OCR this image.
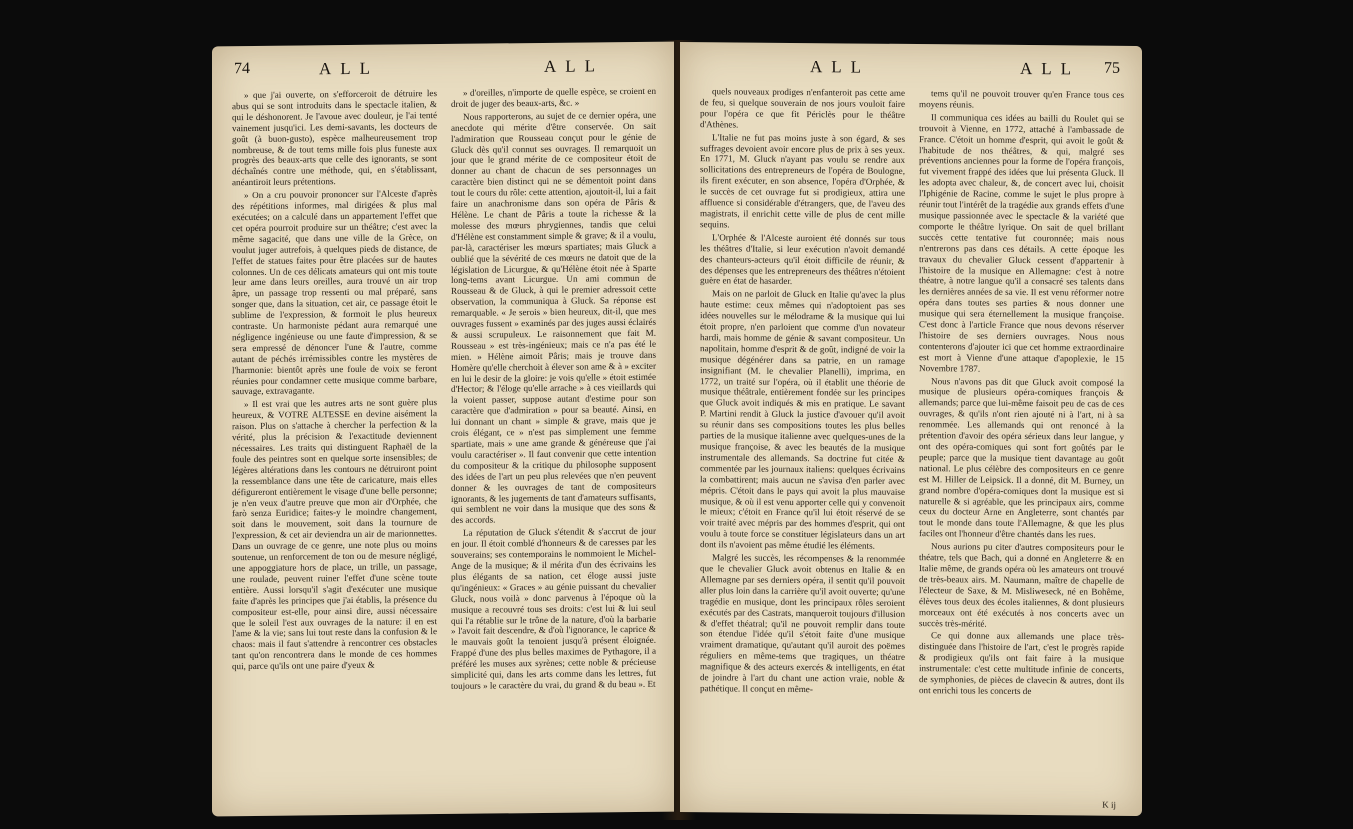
74	ALL	ALL

» que j'ai ouverte, on s'efforceroit de détruire les abus qui se sont introduits dans le spectacle italien, & qui le déshonorent. Je l'avoue avec douleur, je l'ai tenté vainement jusqu'ici. Les demi-savants, les docteurs de goût (à buon-gusto), espèce malheureusement trop nombreuse, & de tout tems mille fois plus funeste aux progrès des beaux-arts que celle des ignorants, se sont déchaînés contre une méthode, qui, en s'établissant, anéantiroit leurs prétentions.

» On a cru pouvoir prononcer sur l'Alceste d'après des répétitions informes, mal dirigées & plus mal exécutées; on a calculé dans un appartement l'effet que cet opéra pourroit produire sur un théâtre; c'est avec la même sagacité, que dans une ville de la Grèce, on voulut juger autrefois, à quelques pieds de distance, de l'effet de statues faites pour être placées sur de hautes colonnes. Un de ces délicats amateurs qui ont mis toute leur ame dans leurs oreilles, aura trouvé un air trop âpre, un passage trop ressenti ou mal préparé, sans songer que, dans la situation, cet air, ce passage étoit le sublime de l'expression, & formoit le plus heureux contraste. Un harmoniste pédant aura remarqué une négligence ingénieuse ou une faute d'impression, & se sera empressé de dénoncer l'une & l'autre, comme autant de péchés irrémissibles contre les mystères de l'harmonie: bientôt après une foule de voix se feront réunies pour condamner cette musique comme barbare, sauvage, extravagante.

» Il est vrai que les autres arts ne sont guère plus heureux, & VOTRE ALTESSE en devine aisément la raison. Plus on s'attache à chercher la perfection & la vérité, plus la précision & l'exactitude deviennent nécessaires. Les traits qui distinguent Raphaël de la foule des peintres sont en quelque sorte insensibles; de légères altérations dans les contours ne détruiront point la ressemblance dans une tête de caricature, mais elles défigureront entièrement le visage d'une belle personne; je n'en veux d'autre preuve que mon air d'Orphée, che farò senza Euridice; faites-y le moindre changement, soit dans le mouvement, soit dans la tournure de l'expression, & cet air deviendra un air de marionnettes. Dans un ouvrage de ce genre, une note plus ou moins soutenue, un renforcement de ton ou de mesure négligé, une appoggiature hors de place, un trille, un passage, une roulade, peuvent ruiner l'effet d'une scène toute entière. Aussi lorsqu'il s'agit d'exécuter une musique faite d'après les principes que j'ai établis, la présence du compositeur est-elle, pour ainsi dire, aussi nécessaire que le soleil l'est aux ouvrages de la nature: il en est l'ame & la vie; sans lui tout reste dans la confusion & le chaos: mais il faut s'attendre à rencontrer ces obstacles tant qu'on rencontrera dans le monde de ces hommes qui, parce qu'ils ont une paire d'yeux &

» d'oreilles, n'importe de quelle espèce, se croient en droit de juger des beaux-arts, &c. »

Nous rapporterons, au sujet de ce dernier opéra, une anecdote qui mérite d'être conservée. On sait l'admiration que Rousseau conçut pour le génie de Gluck dès qu'il connut ses ouvrages. Il remarquoit un jour que le grand mérite de ce compositeur étoit de donner au chant de chacun de ses personnages un caractère bien distinct qui ne se démentoit point dans tout le cours du rôle: cette attention, ajoutoit-il, lui a fait faire un anachronisme dans son opéra de Pâris & Hélène. Le chant de Pâris a toute la richesse & la molesse des mœurs phrygiennes, tandis que celui d'Hélène est constamment simple & grave; & il a voulu, par-là, caractériser les mœurs spartiates; mais Gluck a oublié que la sévérité de ces mœurs ne datoit que de la législation de Licurgue, & qu'Hélène étoit née à Sparte long-tems avant Licurgue. Un ami commun de Rousseau & de Gluck, à qui le premier adressoit cette observation, la communiqua à Gluck. Sa réponse est remarquable. « Je serois » bien heureux, dit-il, que mes ouvrages fussent » examinés par des juges aussi éclairés & aussi scrupuleux. Le raisonnement que fait M. Rousseau » est très-ingénieux; mais ce n'a pas été le mien. » Hélène aimoit Pâris; mais je trouve dans Homère qu'elle cherchoit à élever son ame & à » exciter en lui le desir de la gloire: je vois qu'elle » étoit estimée d'Hector; & l'éloge qu'elle arrache » à ces vieillards qui la voient passer, suppose autant d'estime pour son caractère que d'admiration » pour sa beauté. Ainsi, en lui donnant un chant » simple & grave, mais que je crois élégant, ce » n'est pas simplement une femme spartiate, mais » une ame grande & généreuse que j'ai voulu caractériser ». Il faut convenir que cette intention du compositeur & la critique du philosophe supposent des idées de l'art un peu plus relevées que n'en peuvent donner & les ouvrages de tant de compositeurs ignorants, & les jugements de tant d'amateurs suffisants, qui semblent ne voir dans la musique que des sons & des accords.

La réputation de Gluck s'étendit & s'accrut de jour en jour. Il étoit comblé d'honneurs & de caresses par les souverains; ses contemporains le nommoient le Michel-Ange de la musique; & il mérita d'un des écrivains les plus élégants de sa nation, cet éloge aussi juste qu'ingénieux: « Graces » au génie puissant du chevalier Gluck, nous voilà » donc parvenus à l'époque où la musique a recouvré tous ses droits: c'est lui & lui seul qui l'a rétablie sur le trône de la nature, d'où la barbarie » l'avoit fait descendre, & d'où l'ignorance, le caprice & le mauvais goût la tenoient jusqu'à présent éloignée. Frappé d'une des plus belles maximes de Pythagore, il a préféré les muses aux syrènes; cette noble & précieuse simplicité qui, dans les arts comme dans les lettres, fut toujours » le caractère du vrai, du grand & du beau ». Et

ALL	ALL 75

quels nouveaux prodiges n'enfanteroit pas cette ame de feu, si quelque souverain de nos jours vouloit faire pour l'opéra ce que fit Périclès pour le théâtre d'Athènes.

L'Italie ne fut pas moins juste à son égard, & ses suffrages devoient avoir encore plus de prix à ses yeux. En 1771, M. Gluck n'ayant pas voulu se rendre aux sollicitations des entrepreneurs de l'opéra de Boulogne, ils firent exécuter, en son absence, l'opéra d'Orphée, & le succès de cet ouvrage fut si prodigieux, attira une affluence si considérable d'étrangers, que, de l'aveu des magistrats, il enrichit cette ville de plus de cent mille sequins.

L'Orphée & l'Alceste auroient été donnés sur tous les théâtres d'Italie, si leur exécution n'avoit demandé des chanteurs-acteurs qu'il étoit difficile de réunir, & des dépenses que les entrepreneurs des théâtres n'étoient guère en état de hasarder.

Mais on ne parloit de Gluck en Italie qu'avec la plus haute estime: ceux mêmes qui n'adoptoient pas ses idées nouvelles sur le mélodrame & la musique qui lui étoit propre, n'en parloient que comme d'un novateur hardi, mais homme de génie & savant compositeur. Un napolitain, homme d'esprit & de goût, indigné de voir la musique dégénérer dans sa patrie, en un ramage insignifiant (M. le chevalier Planelli), imprima, en 1772, un traité sur l'opéra, où il établit une théorie de musique théâtrale, entièrement fondée sur les principes que Gluck avoit indiqués & mis en pratique. Le savant P. Martini rendit à Gluck la justice d'avouer qu'il avoit su réunir dans ses compositions toutes les plus belles parties de la musique italienne avec quelques-unes de la musique françoise, & avec les beautés de la musique instrumentale des allemands. Sa doctrine fut citée & commentée par les journaux italiens: quelques écrivains la combattirent; mais aucun ne s'avisa d'en parler avec mépris. C'étoit dans le pays qui avoit la plus mauvaise musique, & où il est venu apporter celle qui y convenoit le mieux; c'étoit en France qu'il lui étoit réservé de se voir traité avec mépris par des hommes d'esprit, qui ont voulu à toute force se constituer législateurs dans un art dont ils n'avoient pas même étudié les éléments.

Malgré les succès, les récompenses & la renommée que le chevalier Gluck avoit obtenus en Italie & en Allemagne par ses derniers opéra, il sentit qu'il pouvoit aller plus loin dans la carrière qu'il avoit ouverte; qu'une tragédie en musique, dont les principaux rôles seroient exécutés par des Castrats, manqueroit toujours d'illusion & d'effet théatral; qu'il ne pouvoit remplir dans toute son étendue l'idée qu'il s'étoit faite d'une musique vraiment dramatique, qu'autant qu'il auroit des poëmes réguliers en même-tems que tragiques, un théatre magnifique & des acteurs exercés & intelligents, en état de joindre à l'art du chant une action vraie, noble & pathétique. Il conçut en même-

tems qu'il ne pouvoit trouver qu'en France tous ces moyens réunis.

Il communiqua ces idées au bailli du Roulet qui se trouvoit à Vienne, en 1772, attaché à l'ambassade de France. C'étoit un homme d'esprit, qui avoit le goût & l'habitude de nos théâtres, & qui, malgré ses préventions anciennes pour la forme de l'opéra françois, fut vivement frappé des idées que lui présenta Gluck. Il les adopta avec chaleur, &, de concert avec lui, choisit l'Iphigénie de Racine, comme le sujet le plus propre à réunir tout l'intérêt de la tragédie aux grands effets d'une musique passionnée avec le spectacle & la variété que comporte le théâtre lyrique. On sait de quel brillant succès cette tentative fut couronnée; mais nous n'entrerons pas dans ces détails. A cette époque les travaux du chevalier Gluck cessent d'appartenir à l'histoire de la musique en Allemagne: c'est à notre théatre, à notre langue qu'il a consacré ses talents dans les dernières années de sa vie. Il est venu réformer notre opéra dans toutes ses parties & nous donner une musique qui sera éternellement la musique françoise. C'est donc à l'article France que nous devons réserver l'histoire de ses derniers ouvrages. Nous nous contenterons d'ajouter ici que cet homme extraordinaire est mort à Vienne d'une attaque d'apoplexie, le 15 Novembre 1787.

Nous n'avons pas dit que Gluck avoit composé la musique de plusieurs opéra-comiques françois & allemands; parce que lui-même faisoit peu de cas de ces ouvrages, & qu'ils n'ont rien ajouté ni à l'art, ni à sa renommée. Les allemands qui ont renoncé à la prétention d'avoir des opéra sérieux dans leur langue, y ont des opéra-comiques qui sont fort goûtés par le peuple; parce que la musique tient davantage au goût national. Le plus célèbre des compositeurs en ce genre est M. Hiller de Leipsick. Il a donné, dit M. Burney, un grand nombre d'opéra-comiques dont la musique est si naturelle & si agréable, que les principaux airs, comme ceux du docteur Arne en Angleterre, sont chantés par tout le monde dans toute l'Allemagne, & que les plus faciles ont l'honneur d'être chantés dans les rues.

Nous aurions pu citer d'autres compositeurs pour le théatre, tels que Bach, qui a donné en Angleterre & en Italie même, de grands opéra où les amateurs ont trouvé de très-beaux airs. M. Naumann, maître de chapelle de l'électeur de Saxe, & M. Misliweseck, né en Bohême, élèves tous deux des écoles italiennes, & dont plusieurs morceaux ont été exécutés à nos concerts avec un succès très-mérité.

Ce qui donne aux allemands une place très-distinguée dans l'histoire de l'art, c'est le progrès rapide & prodigieux qu'ils ont fait faire à la musique instrumentale: c'est cette multitude infinie de concerts, de symphonies, de pièces de clavecin & autres, dont ils ont enrichi tous les concerts de

K ij
